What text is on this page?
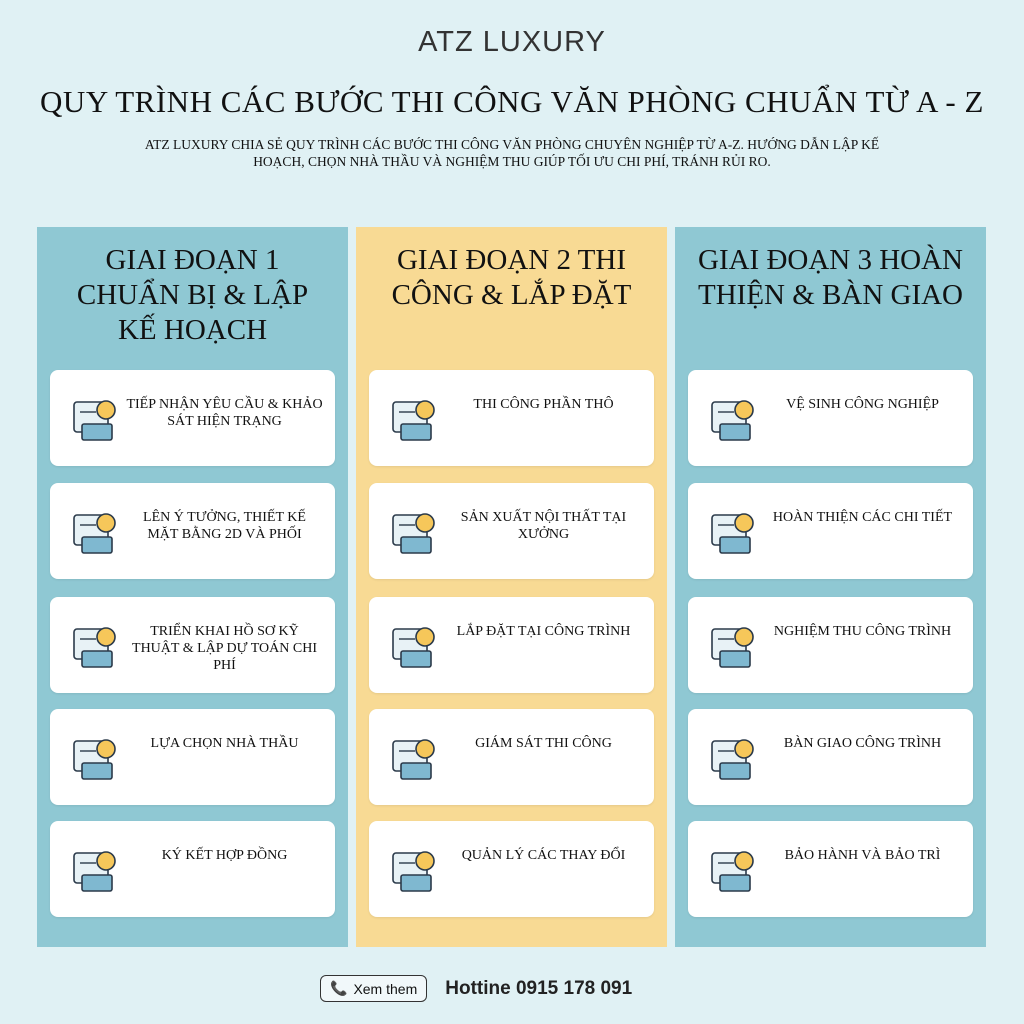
ATZ LUXURY
QUY TRÌNH CÁC BƯỚC THI CÔNG VĂN PHÒNG CHUẨN TỪ A - Z
ATZ LUXURY CHIA SẺ QUY TRÌNH CÁC BƯỚC THI CÔNG VĂN PHÒNG CHUYÊN NGHIỆP TỪ A-Z. HƯỚNG DẪN LẬP KẾ HOẠCH, CHỌN NHÀ THẦU VÀ NGHIỆM THU GIÚP TỐI ƯU CHI PHÍ, TRÁNH RỦI RO.
GIAI ĐOẠN 1 CHUẨN BỊ & LẬP KẾ HOẠCH
TIẾP NHẬN YÊU CẦU & KHẢO SÁT HIỆN TRẠNG
LÊN Ý TƯỞNG, THIẾT KẾ MẶT BẰNG 2D VÀ PHỐI
TRIỂN KHAI HỒ SƠ KỸ THUẬT & LẬP DỰ TOÁN CHI PHÍ
LỰA CHỌN NHÀ THẦU
KÝ KẾT HỢP ĐỒNG
GIAI ĐOẠN 2 THI CÔNG & LẮP ĐẶT
THI CÔNG PHẦN THÔ
SẢN XUẤT NỘI THẤT TẠI XƯỞNG
LẮP ĐẶT TẠI CÔNG TRÌNH
GIÁM SÁT THI CÔNG
QUẢN LÝ CÁC THAY ĐỔI
GIAI ĐOẠN 3 HOÀN THIỆN & BÀN GIAO
VỆ SINH CÔNG NGHIỆP
HOÀN THIỆN CÁC CHI TIẾT
NGHIỆM THU CÔNG TRÌNH
BÀN GIAO CÔNG TRÌNH
BẢO HÀNH VÀ BẢO TRÌ
📞 Xem them Hottine 0915 178 091
